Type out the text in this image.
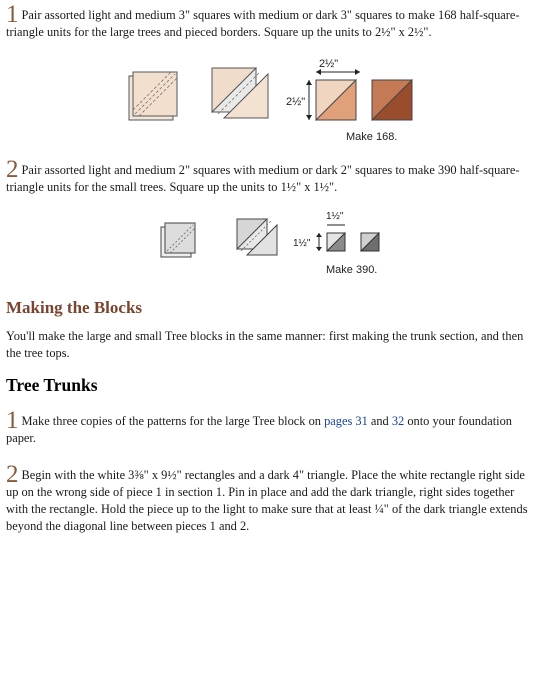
1 Pair assorted light and medium 3" squares with medium or dark 3" squares to make 168 half-square-triangle units for the large trees and pieced borders. Square up the units to 2½" x 2½".
2½"
2½"
Make 168.
2 Pair assorted light and medium 2" squares with medium or dark 2" squares to make 390 half-square-triangle units for the small trees. Square up the units to 1½" x 1½".
1½"
1½"
Make 390.
Making the Blocks
You'll make the large and small Tree blocks in the same manner: first making the trunk section, and then the tree tops.
Tree Trunks
1 Make three copies of the patterns for the large Tree block on pages 31 and 32 onto your foundation paper.
2 Begin with the white 3⅜" x 9½" rectangles and a dark 4" triangle. Place the white rectangle right side up on the wrong side of piece 1 in section 1. Pin in place and add the dark triangle, right sides together with the rectangle. Hold the piece up to the light to make sure that at least ¼" of the dark triangle extends beyond the diagonal line between pieces 1 and 2.
